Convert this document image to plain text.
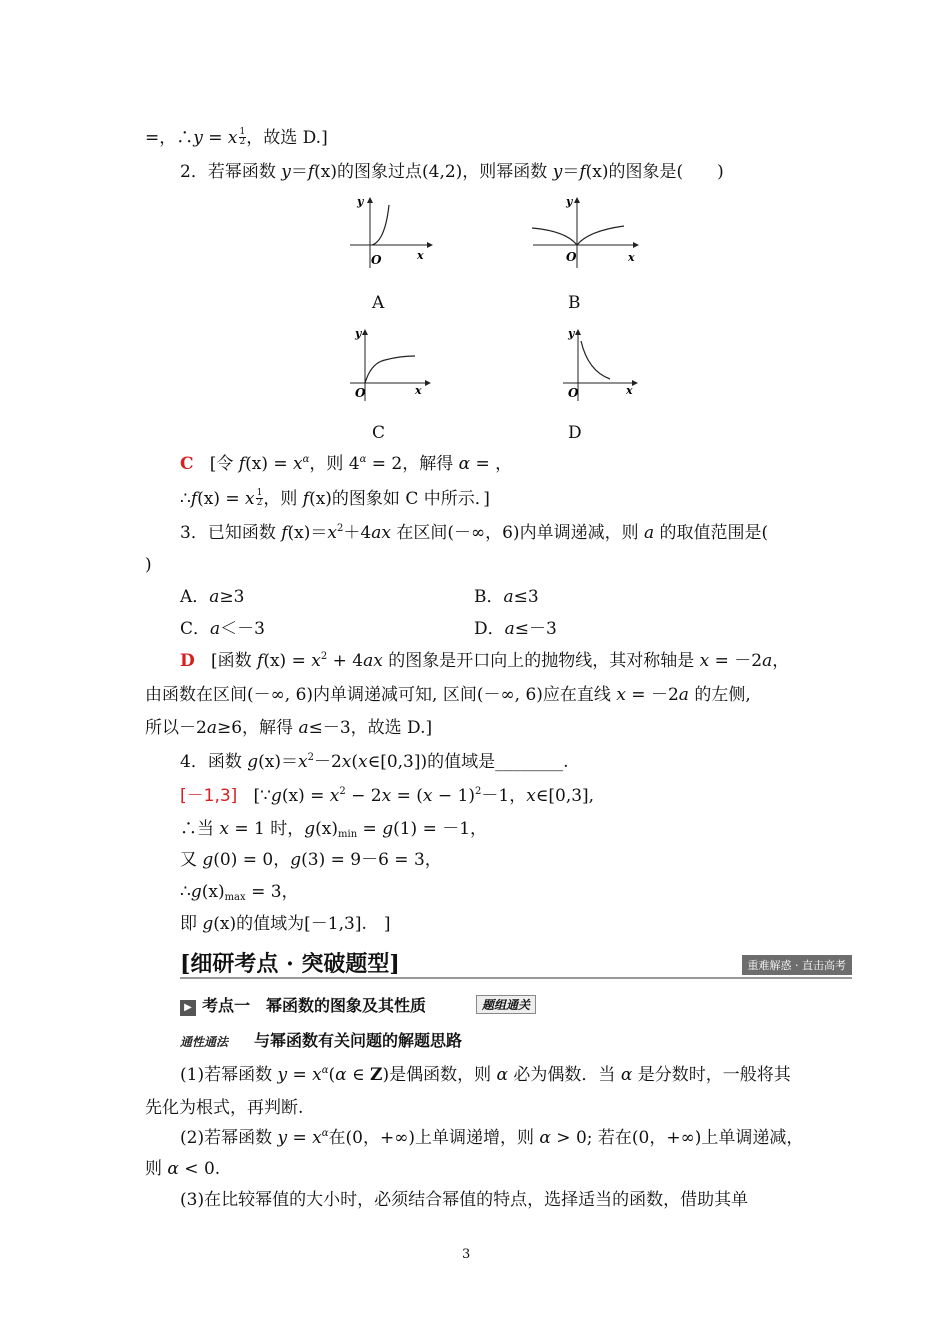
=，∴y = x $\frac{1}{2}$ ，故选 D.]
2．若幂函数 y＝f(x)的图象过点(4,2)，则幂函数 y＝f(x)的图象是(　　)
y
x
O
A
y
x
O
B
y
x
O
C
y
x
O
D
C [令 $f(x) = x^\alpha$，则 $4^\alpha = 2$，解得 α = ，
∴f(x) = x $\frac{1}{2}$ ，则 f(x)的图象如 C 中所示．]
3．已知函数 $f(x)=x^2+4ax$ 在区间(－∞，6)内单调递减，则 a 的取值范围是(
)
A．a≥3	B．a≤3
C．a＜－3	D．a≤－3
D [函数 $f(x) = x^2 + 4ax$ 的图象是开口向上的抛物线，其对称轴是 x = －2a，
由函数在区间(－∞, 6)内单调递减可知, 区间(－∞, 6)应在直线 x = －2a 的左侧,
所以－2a≥6，解得 a≤－3，故选 D.]
4．函数 $g(x)=x^2-2x(x\in[0,3])$的值域是________.
[－1,3] [∵g(x) = $x^2 - 2x = (x - 1)^2-1$，x∈[0,3],
∴当 x = 1 时，$g(x)_{min} = g(1) = -1$，
又 g(0) = 0，g(3) = 9－6 = 3，
$\therefore g(x)_{max} = 3$，
即 g(x)的值域为[－1,3].　]
[细研考点 · 突破题型]	重难解惑 · 直击高考
▶ 考点一　幂函数的图象及其性质	题组通关
通性通法 与幂函数有关问题的解题思路
(1)若幂函数 $y = x^\alpha(\alpha$ ∈ Z)是偶函数，则 α 必为偶数．当 α 是分数时，一般将其
先化为根式，再判断.
(2)若幂函数 $y = x^\alpha$在(0，+∞)上单调递增，则 α > 0; 若在(0，+∞)上单调递减，
则 α < 0.
(3)在比较幂值的大小时，必须结合幂值的特点，选择适当的函数，借助其单
3
